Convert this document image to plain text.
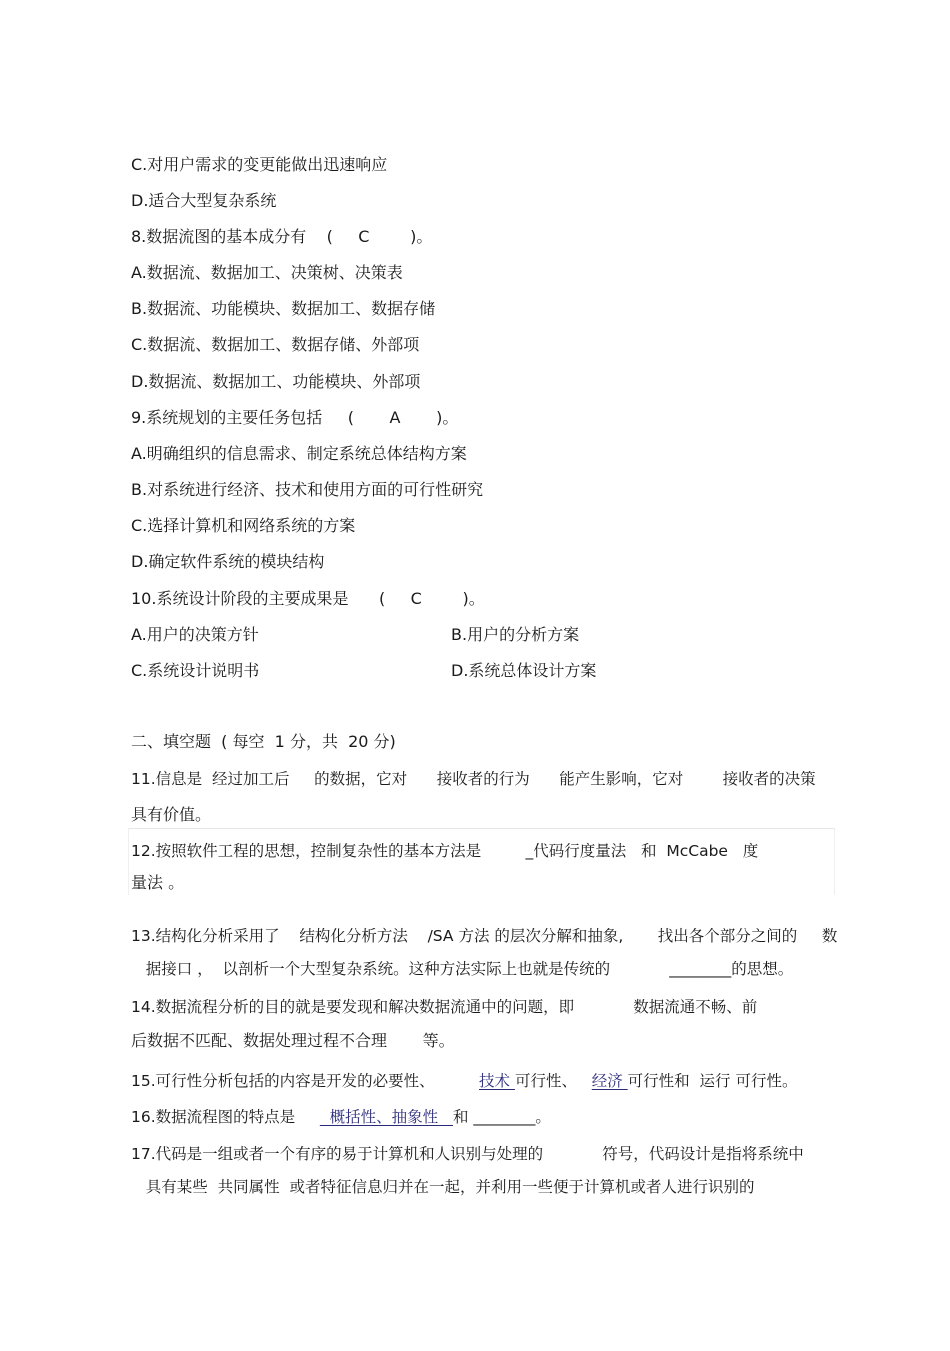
C.对用户需求的变更能做出迅速响应
D.适合大型复杂系统
8.数据流图的基本成分有    (     C        )。
A.数据流、数据加工、决策树、决策表
B.数据流、功能模块、数据加工、数据存储
C.数据流、数据加工、数据存储、外部项
D.数据流、数据加工、功能模块、外部项
9.系统规划的主要任务包括     (       A       )。
A.明确组织的信息需求、制定系统总体结构方案
B.对系统进行经济、技术和使用方面的可行性研究
C.选择计算机和网络系统的方案
D.确定软件系统的模块结构
10.系统设计阶段的主要成果是      (     C        )。
A.用户的决策方针	B.用户的分析方案
C.系统设计说明书	D.系统总体设计方案
二、填空题  ( 每空  1 分，共  20 分)
11.信息是  经过加工后     的数据，它对      接收者的行为      能产生影响，它对        接收者的决策
具有价值。
12.按照软件工程的思想，控制复杂性的基本方法是         _代码行度量法   和  McCabe   度
量法 。
13.结构化分析采用了    结构化分析方法    /SA 方法 的层次分解和抽象,       找出各个部分之间的     数
据接口 ，  以剖析一个大型复杂系统。这种方法实际上也就是传统的            ________的思想。
14.数据流程分析的目的就是要发现和解决数据流通中的问题，即            数据流通不畅、前
后数据不匹配、数据处理过程不合理       等。
15.可行性分析包括的内容是开发的必要性、         技术 可行性、   经济 可行性和  运行 可行性。
16.数据流程图的特点是       概括性、抽象性   和 ________。
17.代码是一组或者一个有序的易于计算机和人识别与处理的            符号，代码设计是指将系统中
具有某些  共同属性  或者特征信息归并在一起，并利用一些便于计算机或者人进行识别的
